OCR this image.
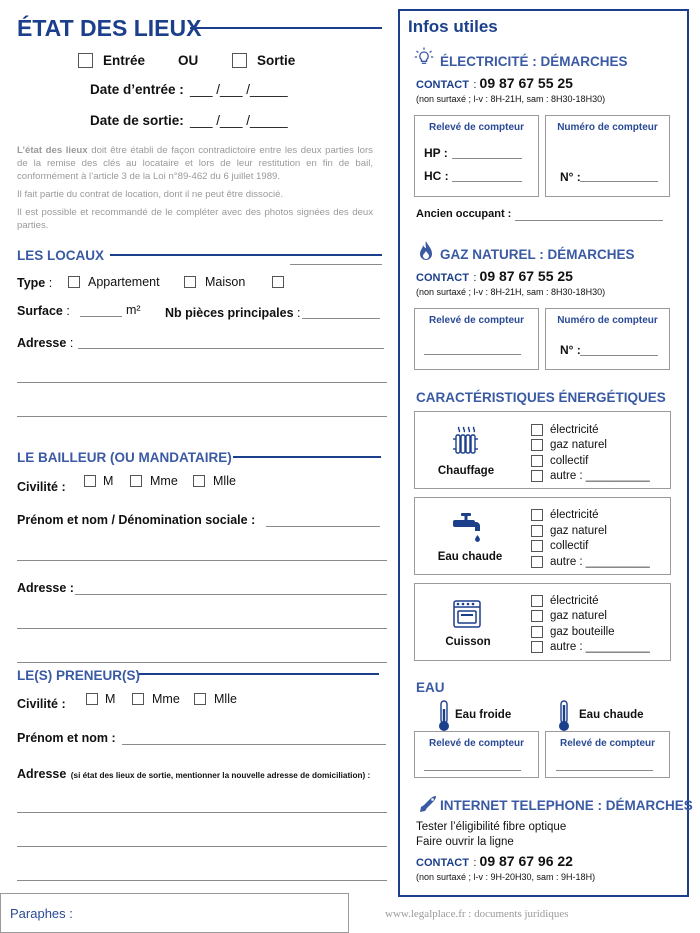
ÉTAT DES LIEUX
Entrée OU	Sortie
Date d’entrée : ___ /___ /_____
Date de sortie: ___ /___ /_____

L’état des lieux doit être établi de façon contradictoire entre les deux parties lors de la remise des clés au locataire et lors de leur restitution en fin de bail, conformément à l’article 3 de la Loi n°89-462 du 6 juillet 1989.

Il fait partie du contrat de location, dont il ne peut être dissocié.

Il est possible et recommandé de le compléter avec des photos signées des deux parties.

LES LOCAUX
Type :	Appartement	Maison
Surface :	m² Nb pièces principales :
Adresse :
LE BAILLEUR (OU MANDATAIRE)
Civilité :	M	Mme	Mlle
Prénom et nom / Dénomination sociale :
Adresse :
LE(S) PRENEUR(S)
Civilité :	M	Mme	Mlle
Prénom et nom :
Adresse (si état des lieux de sortie, mentionner la nouvelle adresse de domiciliation) :
Paraphes :	www.legalplace.fr : documents juridiques
Infos utiles
ÉLECTRICITÉ : DÉMARCHES
CONTACT : 09 87 67 55 25
(non surtaxé ; l-v : 8H-21H, sam : 8H30-18H30)
Relevé de compteur
HP :
HC :
Numéro de compteur
N° :
Ancien occupant :
GAZ NATUREL : DÉMARCHES
CONTACT : 09 87 67 55 25
(non surtaxé ; l-v : 8H-21H, sam : 8H30-18H30)
Relevé de compteur	Numéro de compteur
N° :
CARACTÉRISTIQUES ÉNERGÉTIQUES
Chauffage
électricité
gaz naturel
collectif
autre : __________
Eau chaude
électricité
gaz naturel
collectif
autre : __________
Cuisson
électricité
gaz naturel
gaz bouteille
autre : __________
EAU
Eau froide	Eau chaude
Relevé de compteur	Relevé de compteur
INTERNET TELEPHONE : DÉMARCHES
Tester l’éligibilité fibre optique
Faire ouvrir la ligne
CONTACT : 09 87 67 96 22
(non surtaxé ; l-v : 9H-20H30, sam : 9H-18H)
